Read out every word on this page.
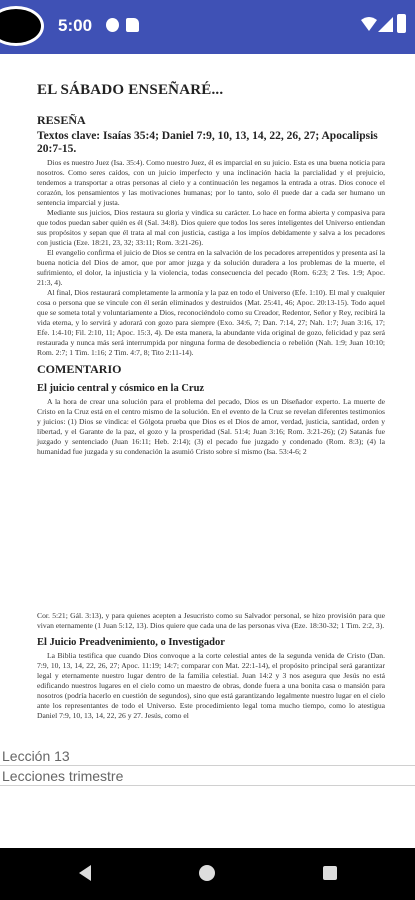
5:00
EL SÁBADO ENSEÑARÉ...
RESEÑA
Textos clave: Isaías 35:4; Daniel 7:9, 10, 13, 14, 22, 26, 27; Apocalipsis 20:7-15.

Dios es nuestro Juez (Isa. 35:4). Como nuestro Juez, él es imparcial en su juicio. Esta es una buena noticia para nosotros. Como seres caídos, con un juicio imperfecto y una inclinación hacia la parcialidad y el prejuicio, tendemos a transportar a otras personas al cielo y a continuación les negamos la entrada a otras. Dios conoce el corazón, los pensamientos y las motivaciones humanas; por lo tanto, solo él puede dar a cada ser humano un sentencia imparcial y justa.

Mediante sus juicios, Dios restaura su gloria y vindica su carácter. Lo hace en forma abierta y compasiva para que todos puedan saber quién es él (Sal. 34:8). Dios quiere que todos los seres inteligentes del Universo entiendan sus propósitos y sepan que él trata al mal con justicia, castiga a los impíos debidamente y salva a los pecadores con justicia (Eze. 18:21, 23, 32; 33:11; Rom. 3:21-26).

El evangelio confirma el juicio de Dios se centra en la salvación de los pecadores arrepentidos y presenta así la buena noticia del Dios de amor, que por amor juzga y da solución duradera a los problemas de la muerte, el sufrimiento, el dolor, la injusticia y la violencia, todas consecuencia del pecado (Rom. 6:23; 2 Tes. 1:9; Apoc. 21:3, 4).

Al final, Dios restaurará completamente la armonía y la paz en todo el Universo (Efe. 1:10). El mal y cualquier cosa o persona que se vincule con él serán eliminados y destruidos (Mat. 25:41, 46; Apoc. 20:13-15). Todo aquel que se someta total y voluntariamente a Dios, reconociéndolo como su Creador, Redentor, Señor y Rey, recibirá la vida eterna, y lo servirá y adorará con gozo para siempre (Exo. 34:6, 7; Dan. 7:14, 27; Nah. 1:7; Juan 3:16, 17; Efe. 1:4-10; Fil. 2:10, 11; Apoc. 15:3, 4). De esta manera, la abundante vida original de gozo, felicidad y paz será restaurada y nunca más será interrumpida por ninguna forma de desobediencia o rebelión (Nah. 1:9; Juan 10:10; Rom. 2:7; 1 Tim. 1:16; 2 Tim. 4:7, 8; Tito 2:11-14).

COMENTARIO
El juicio central y cósmico en la Cruz

A la hora de crear una solución para el problema del pecado, Dios es un Diseñador experto. La muerte de Cristo en la Cruz está en el centro mismo de la solución. En el evento de la Cruz se revelan diferentes testimonios y juicios: (1) Dios se vindica: el Gólgota prueba que Dios es el Dios de amor, verdad, justicia, santidad, orden y libertad, y el Garante de la paz, el gozo y la prosperidad (Sal. 51:4; Juan 3:16; Rom. 3:21-26); (2) Satanás fue juzgado y sentenciado (Juan 16:11; Heb. 2:14); (3) el pecado fue juzgado y condenado (Rom. 8:3); (4) la humanidad fue juzgada y su condenación la asumió Cristo sobre sí mismo (Isa. 53:4-6; 2

Cor. 5:21; Gál. 3:13), y para quienes acepten a Jesucristo como su Salvador personal, se hizo provisión para que vivan eternamente (1 Juan 5:12, 13). Dios quiere que cada una de las personas viva (Eze. 18:30-32; 1 Tim. 2:2, 3).

El Juicio Preadvenimiento, o Investigador

La Biblia testifica que cuando Dios convoque a la corte celestial antes de la segunda venida de Cristo (Dan. 7:9, 10, 13, 14, 22, 26, 27; Apoc. 11:19; 14:7; comparar con Mat. 22:1-14), el propósito principal será garantizar legal y eternamente nuestro lugar dentro de la familia celestial. Juan 14:2 y 3 nos asegura que Jesús no está edificando nuestros lugares en el cielo como un maestro de obras, donde fuera a una bonita casa o mansión para nosotros (podría hacerlo en cuestión de segundos), sino que está garantizando legalmente nuestro lugar en el cielo ante los representantes de todo el Universo. Este procedimiento legal toma mucho tiempo, como lo atestigua Daniel 7:9, 10, 13, 14, 22, 26 y 27. Jesús, como el

Lección 13
Lecciones trimestre
